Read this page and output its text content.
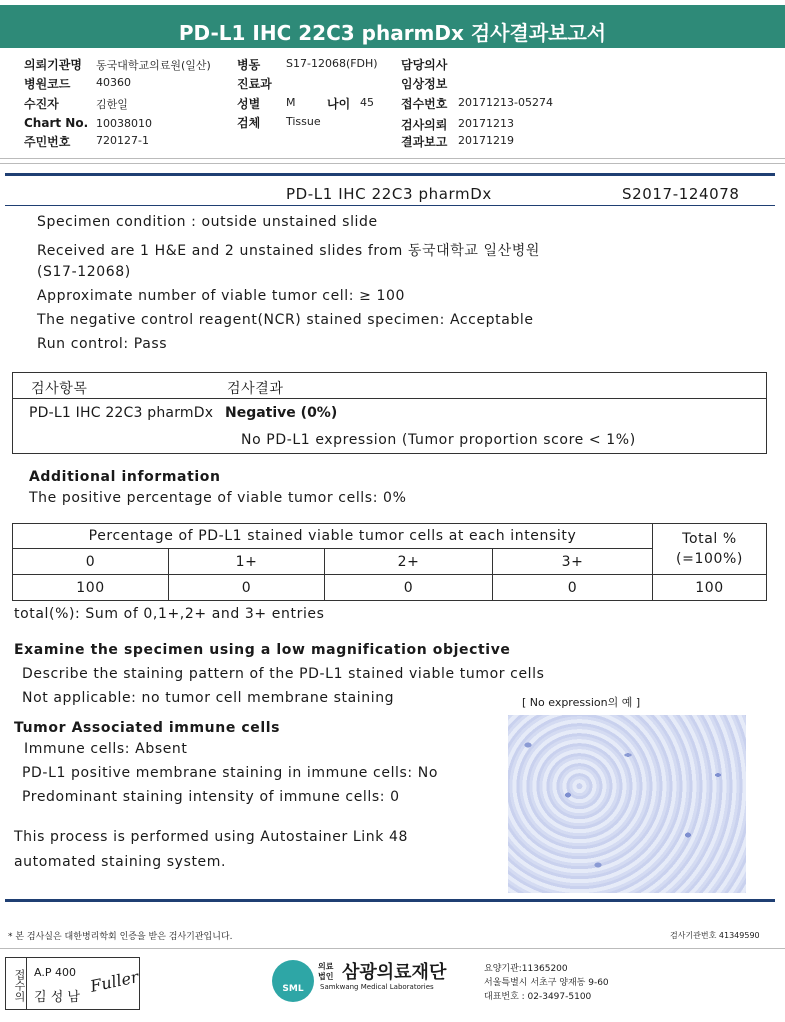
PD-L1 IHC 22C3 pharmDx 검사결과보고서
의뢰기관명 동국대학교의료원(일산)
병원코드 40360
수진자	김한일
Chart No. 10038010
주민번호 720127-1
병동 S17-12068(FDH)
진료과
성별 M	나이 45
검체 Tissue
담당의사
임상정보
접수번호 20171213-05274
검사의뢰 20171213
결과보고 20171219
PD-L1 IHC 22C3 pharmDx	S2017-124078
Specimen condition : outside unstained slide
Received are 1 H&E and 2 unstained slides from 동국대학교 일산병원
(S17-12068)
Approximate number of viable tumor cell: ≥ 100
The negative control reagent(NCR) stained specimen: Acceptable
Run control: Pass
검사항목	검사결과
PD-L1 IHC 22C3 pharmDx Negative (0%)
No PD-L1 expression (Tumor proportion score < 1%)
Additional information
The positive percentage of viable tumor cells: 0%
Percentage of PD-L1 stained viable tumor cells at each intensity				Total %
(=100%)

0	1+	2+	3+	
100	0	0	0	100
total(%): Sum of 0,1+,2+ and 3+ entries
Examine the specimen using a low magnification objective
Describe the staining pattern of the PD-L1 stained viable tumor cells
Not applicable: no tumor cell membrane staining	[ No expression의 예 ]
Tumor Associated immune cells
Immune cells: Absent
PD-L1 positive membrane staining in immune cells: No
Predominant staining intensity of immune cells: 0
This process is performed using Autostainer Link 48
automated staining system.
* 본 검사실은 대한병리학회 인증을 받은 검사기관입니다.	검사기관번호 41349590
접수의 A.P 400
김 성 남
Fuller	SML
의료 법인 삼광의료재단
Samkwang Medical Laboratories
요양기관:11365200
서울특별시 서초구 양재동 9-60
대표번호 : 02-3497-5100
